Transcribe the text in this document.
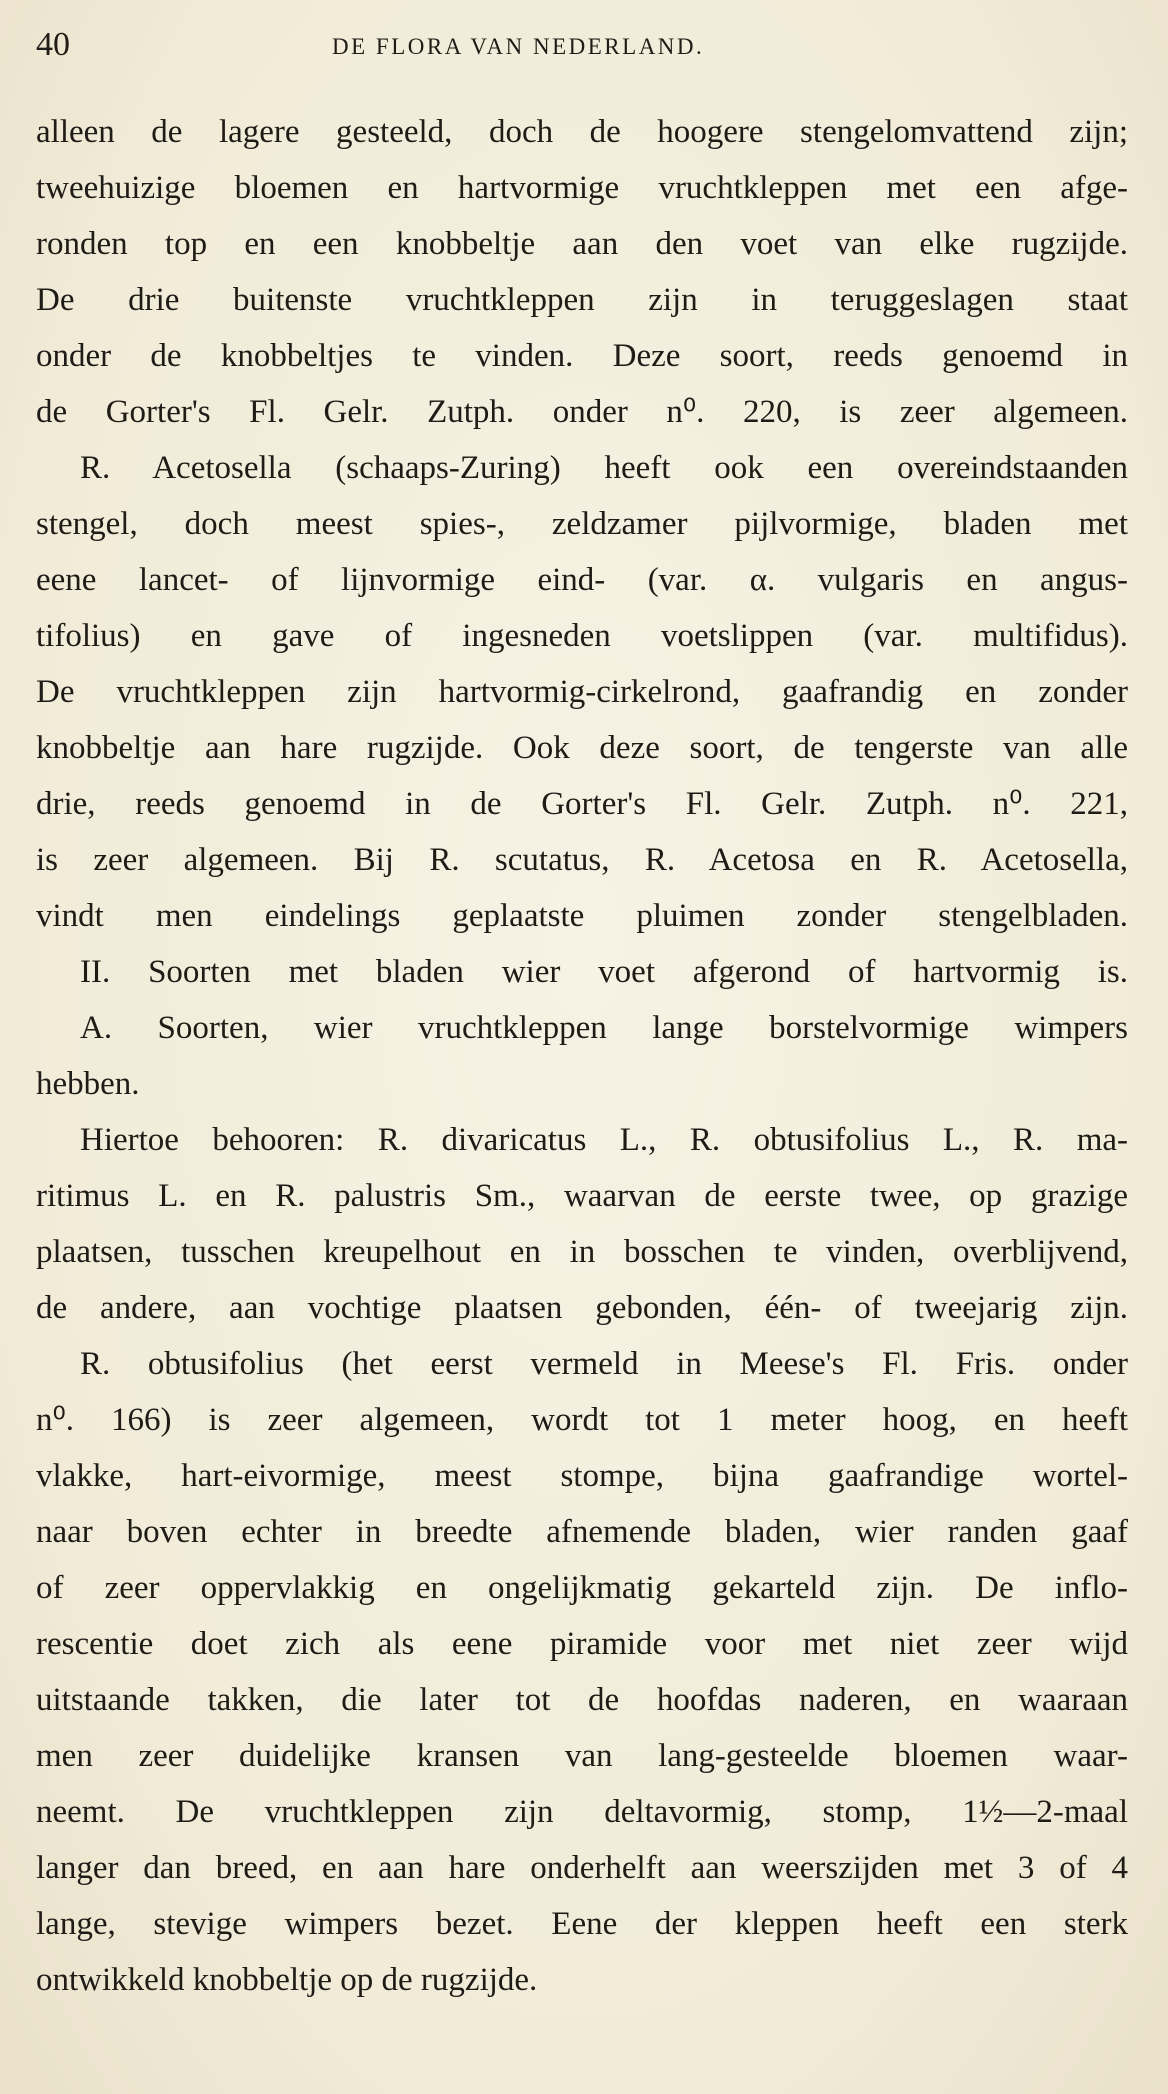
40	DE FLORA VAN NEDERLAND.
alleen de lagere gesteeld, doch de hoogere stengelomvattend zijn;
tweehuizige bloemen en hartvormige vruchtkleppen met een afge-
ronden top en een knobbeltje aan den voet van elke rugzijde.
De drie buitenste vruchtkleppen zijn in teruggeslagen staat
onder de knobbeltjes te vinden. Deze soort, reeds genoemd in
de Gorter's Fl. Gelr. Zutph. onder n⁰. 220, is zeer algemeen.
R. Acetosella (schaaps-Zuring) heeft ook een overeindstaanden
stengel, doch meest spies-, zeldzamer pijlvormige, bladen met
eene lancet- of lijnvormige eind- (var. α. vulgaris en angus-
tifolius) en gave of ingesneden voetslippen (var. multifidus).
De vruchtkleppen zijn hartvormig-cirkelrond, gaafrandig en zonder
knobbeltje aan hare rugzijde. Ook deze soort, de tengerste van alle
drie, reeds genoemd in de Gorter's Fl. Gelr. Zutph. n⁰. 221,
is zeer algemeen. Bij R. scutatus, R. Acetosa en R. Acetosella,
vindt men eindelings geplaatste pluimen zonder stengelbladen.
II. Soorten met bladen wier voet afgerond of hartvormig is.
A. Soorten, wier vruchtkleppen lange borstelvormige wimpers
hebben.
Hiertoe behooren: R. divaricatus L., R. obtusifolius L., R. ma-
ritimus L. en R. palustris Sm., waarvan de eerste twee, op grazige
plaatsen, tusschen kreupelhout en in bosschen te vinden, overblijvend,
de andere, aan vochtige plaatsen gebonden, één- of tweejarig zijn.
R. obtusifolius (het eerst vermeld in Meese's Fl. Fris. onder
n⁰. 166) is zeer algemeen, wordt tot 1 meter hoog, en heeft
vlakke, hart-eivormige, meest stompe, bijna gaafrandige wortel-
naar boven echter in breedte afnemende bladen, wier randen gaaf
of zeer oppervlakkig en ongelijkmatig gekarteld zijn. De inflo-
rescentie doet zich als eene piramide voor met niet zeer wijd
uitstaande takken, die later tot de hoofdas naderen, en waaraan
men zeer duidelijke kransen van lang-gesteelde bloemen waar-
neemt. De vruchtkleppen zijn deltavormig, stomp, 1½—2-maal
langer dan breed, en aan hare onderhelft aan weerszijden met 3 of 4
lange, stevige wimpers bezet. Eene der kleppen heeft een sterk
ontwikkeld knobbeltje op de rugzijde.
